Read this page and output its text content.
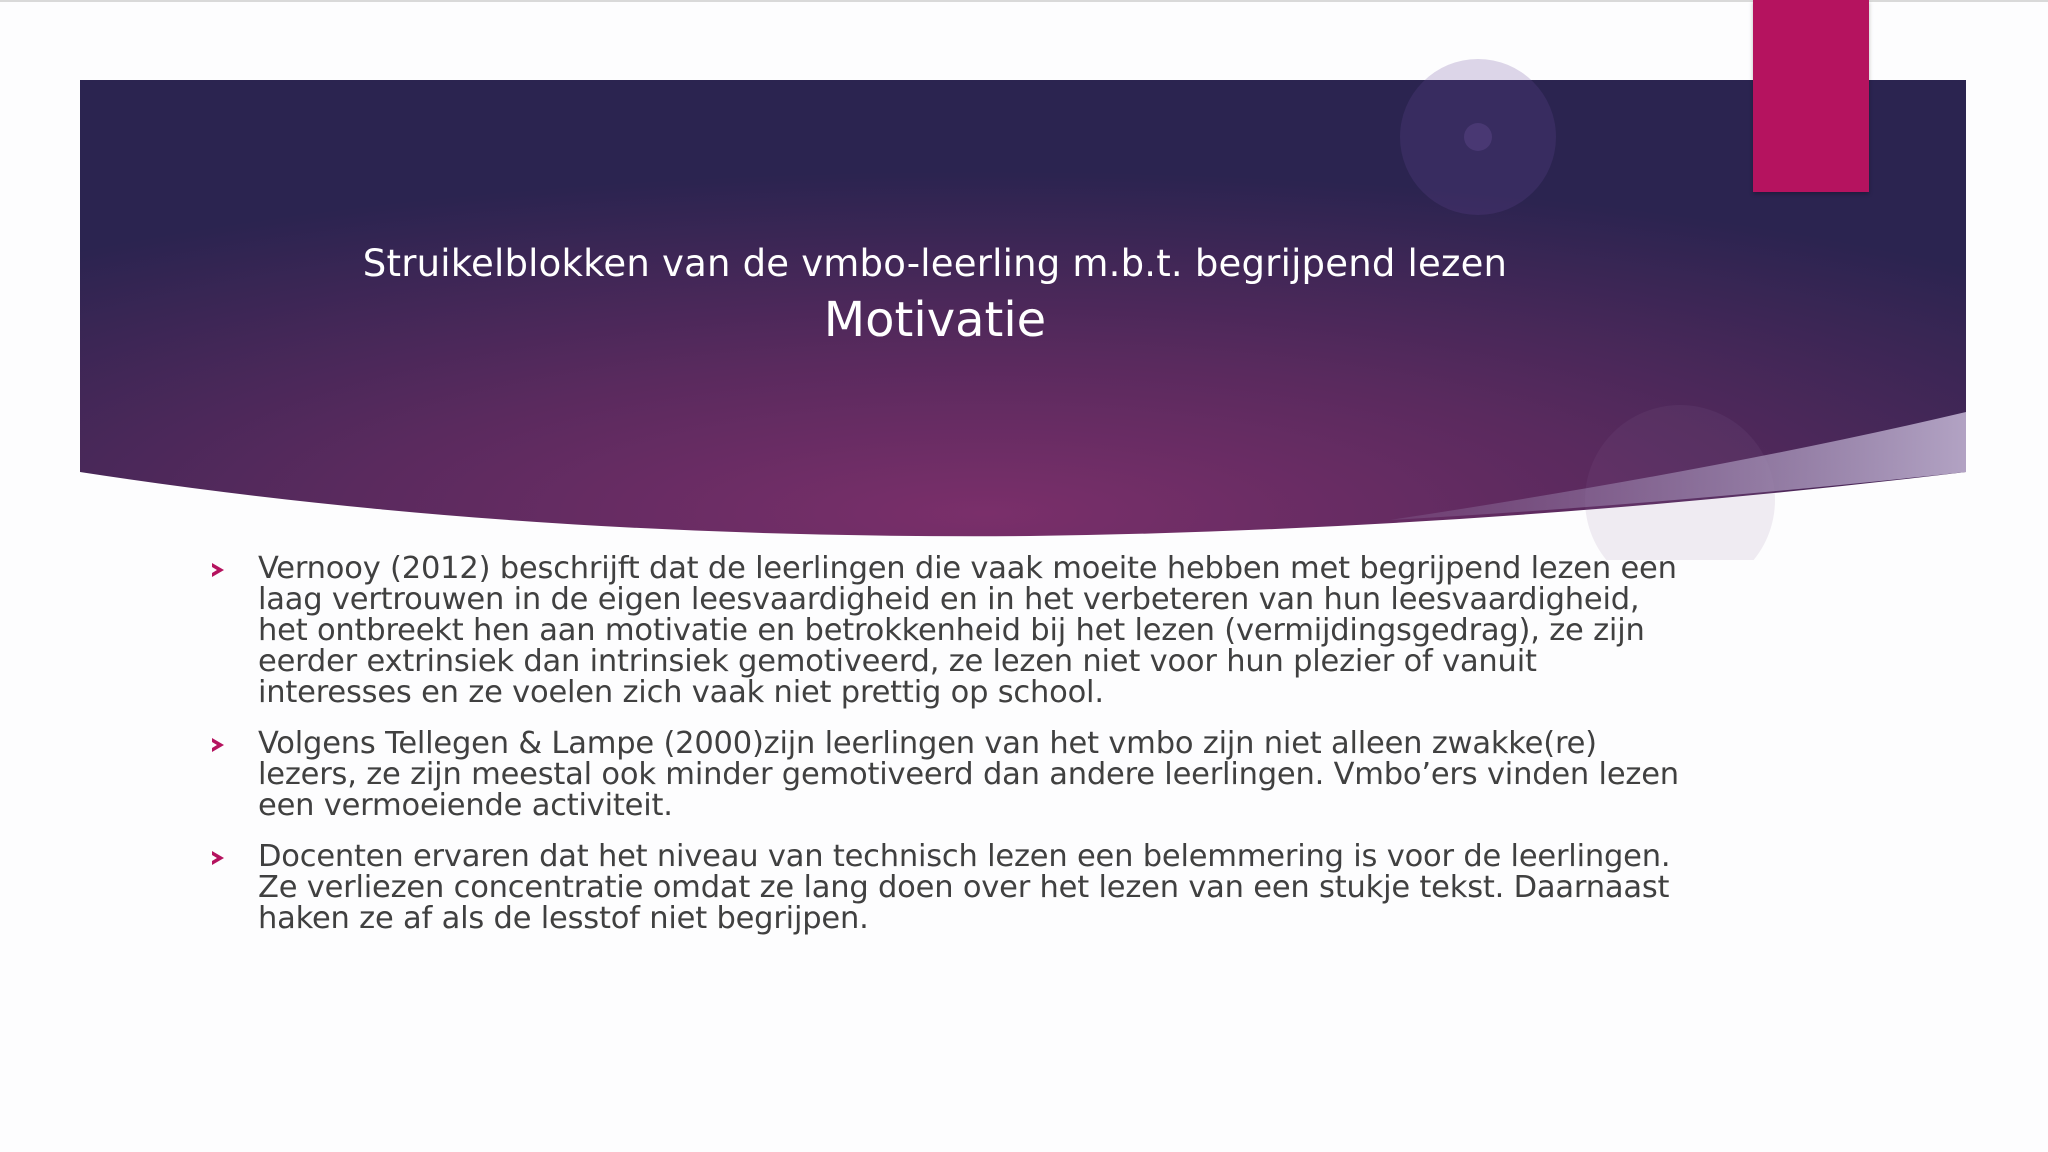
Struikelblokken van de vmbo-leerling m.b.t. begrijpend lezen
Motivatie
Vernooy (2012) beschrijft dat de leerlingen die vaak moeite hebben met begrijpend lezen een laag vertrouwen in de eigen leesvaardigheid en in het verbeteren van hun leesvaardigheid, het ontbreekt hen aan motivatie en betrokkenheid bij het lezen (vermijdingsgedrag), ze zijn eerder extrinsiek dan intrinsiek gemotiveerd, ze lezen niet voor hun plezier of vanuit interesses en ze voelen zich vaak niet prettig op school.
Volgens Tellegen & Lampe (2000)zijn leerlingen van het vmbo zijn niet alleen zwakke(re) lezers, ze zijn meestal ook minder gemotiveerd dan andere leerlingen. Vmbo’ers vinden lezen een vermoeiende activiteit.
Docenten ervaren dat het niveau van technisch lezen een belemmering is voor de leerlingen. Ze verliezen concentratie omdat ze lang doen over het lezen van een stukje tekst. Daarnaast haken ze af als de lesstof niet begrijpen.
